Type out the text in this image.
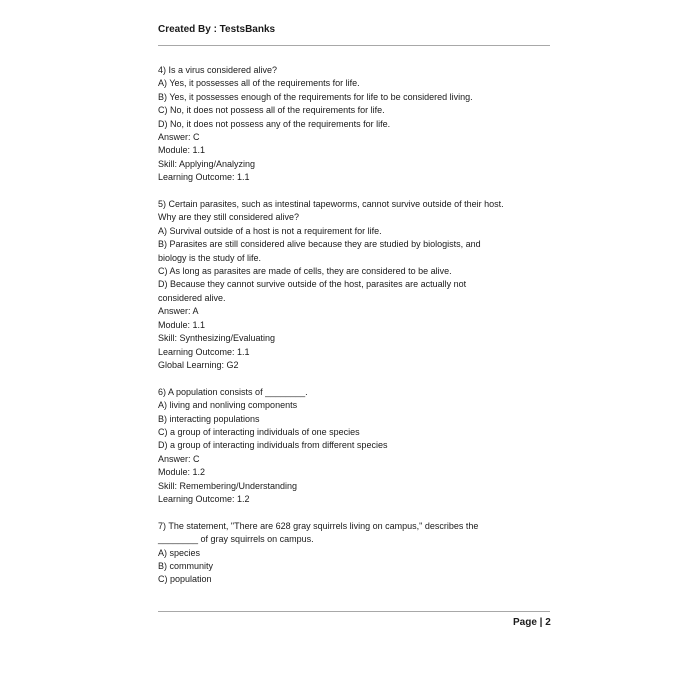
Created By : TestsBanks
4) Is a virus considered alive?
A) Yes, it possesses all of the requirements for life.
B) Yes, it possesses enough of the requirements for life to be considered living.
C) No, it does not possess all of the requirements for life.
D) No, it does not possess any of the requirements for life.
Answer: C
Module: 1.1
Skill: Applying/Analyzing
Learning Outcome: 1.1
5) Certain parasites, such as intestinal tapeworms, cannot survive outside of their host.
Why are they still considered alive?
A) Survival outside of a host is not a requirement for life.
B) Parasites are still considered alive because they are studied by biologists, and
biology is the study of life.
C) As long as parasites are made of cells, they are considered to be alive.
D) Because they cannot survive outside of the host, parasites are actually not
considered alive.
Answer: A
Module: 1.1
Skill: Synthesizing/Evaluating
Learning Outcome: 1.1
Global Learning: G2
6) A population consists of ________.
A) living and nonliving components
B) interacting populations
C) a group of interacting individuals of one species
D) a group of interacting individuals from different species
Answer: C
Module: 1.2
Skill: Remembering/Understanding
Learning Outcome: 1.2
7) The statement, "There are 628 gray squirrels living on campus," describes the
________ of gray squirrels on campus.
A) species
B) community
C) population
Page | 2
